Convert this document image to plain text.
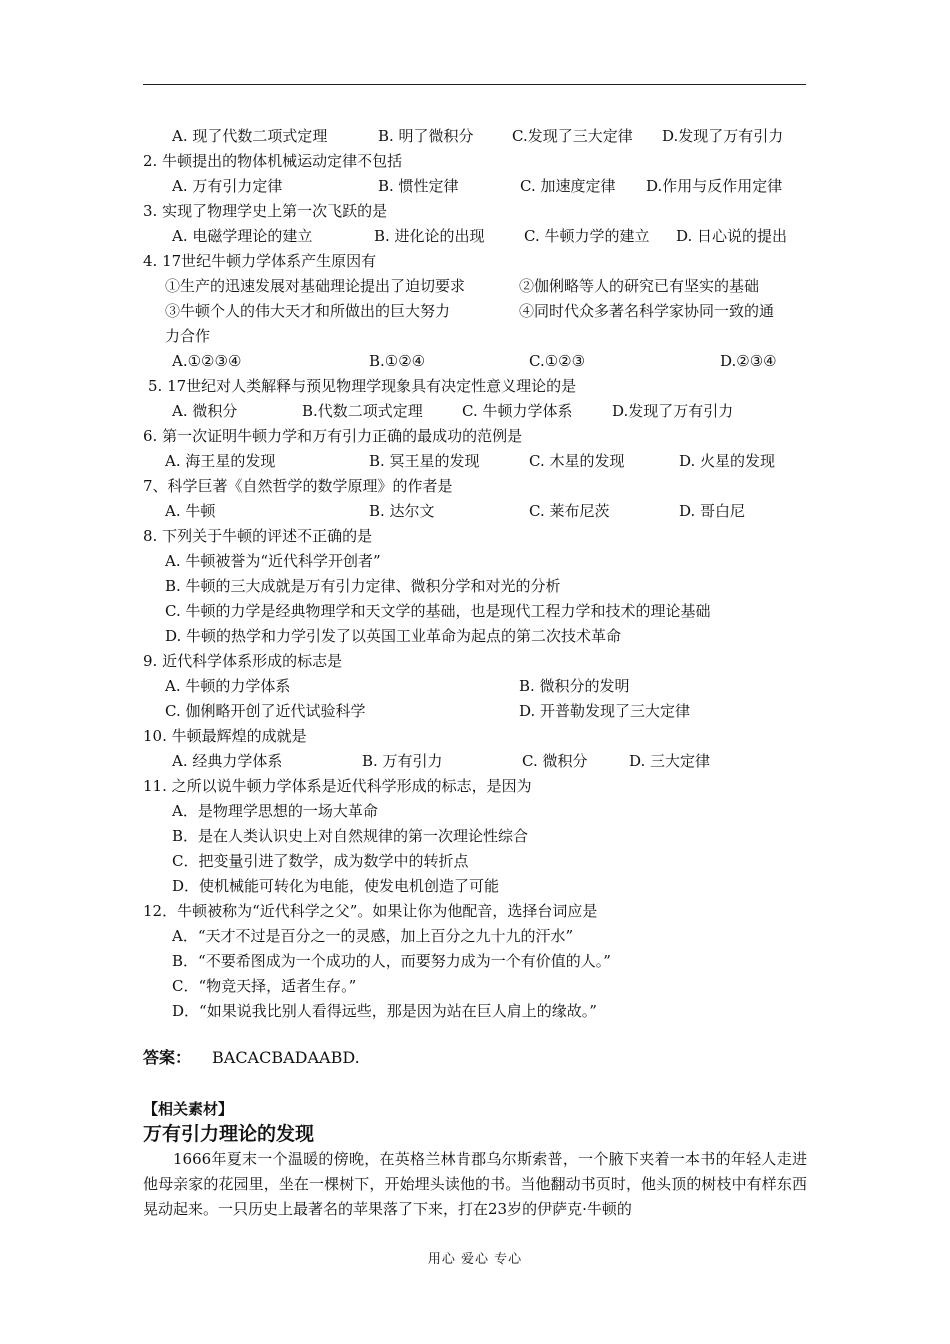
A. 现了代数二项式定理	B. 明了微积分	C.发现了三大定律 D.发现了万有引力
2. 牛顿提出的物体机械运动定律不包括
A. 万有引力定律	B. 惯性定律	C. 加速度定律 D.作用与反作用定律
3. 实现了物理学史上第一次飞跃的是
A. 电磁学理论的建立	B. 进化论的出现	C. 牛顿力学的建立 D. 日心说的提出
4. 17世纪牛顿力学体系产生原因有
①生产的迅速发展对基础理论提出了迫切要求	②伽俐略等人的研究已有坚实的基础
③牛顿个人的伟大天才和所做出的巨大努力	④同时代众多著名科学家协同一致的通
力合作
A.①②③④	B.①②④	C.①②③	D.②③④
5. 17世纪对人类解释与预见物理学现象具有决定性意义理论的是
A. 微积分	B.代数二项式定理	C. 牛顿力学体系	D.发现了万有引力
6. 第一次证明牛顿力学和万有引力正确的最成功的范例是
A. 海王星的发现	B. 冥王星的发现	C. 木星的发现	D. 火星的发现
7、科学巨著《自然哲学的数学原理》的作者是
A. 牛顿	B. 达尔文	C. 莱布尼茨	D. 哥白尼
8. 下列关于牛顿的评述不正确的是
A. 牛顿被誉为“近代科学开创者”
B. 牛顿的三大成就是万有引力定律、微积分学和对光的分析
C. 牛顿的力学是经典物理学和天文学的基础，也是现代工程力学和技术的理论基础
D. 牛顿的热学和力学引发了以英国工业革命为起点的第二次技术革命
9. 近代科学体系形成的标志是
A. 牛顿的力学体系	B. 微积分的发明
C. 伽俐略开创了近代试验科学	D. 开普勒发现了三大定律
10. 牛顿最辉煌的成就是
A. 经典力学体系	B. 万有引力	C. 微积分	D. 三大定律
11. 之所以说牛顿力学体系是近代科学形成的标志，是因为
A．是物理学思想的一场大革命
B．是在人类认识史上对自然规律的第一次理论性综合
C．把变量引进了数学，成为数学中的转折点
D．使机械能可转化为电能，使发电机创造了可能
12．牛顿被称为“近代科学之父”。如果让你为他配音，选择台词应是
A．“天才不过是百分之一的灵感，加上百分之九十九的汗水”
B．“不要希图成为一个成功的人，而要努力成为一个有价值的人。”
C．“物竞天择，适者生存。”
D．“如果说我比别人看得远些，那是因为站在巨人肩上的缘故。”
答案： BACACBADAABD.
【相关素材】
万有引力理论的发现
1666年夏末一个温暖的傍晚，在英格兰林肯郡乌尔斯索普，一个腋下夹着一本书的年轻人走进他母亲家的花园里，坐在一棵树下，开始埋头读他的书。当他翻动书页时，他头顶的树枝中有样东西晃动起来。一只历史上最著名的苹果落了下来，打在23岁的伊萨克·牛顿的
用心 爱心 专心
